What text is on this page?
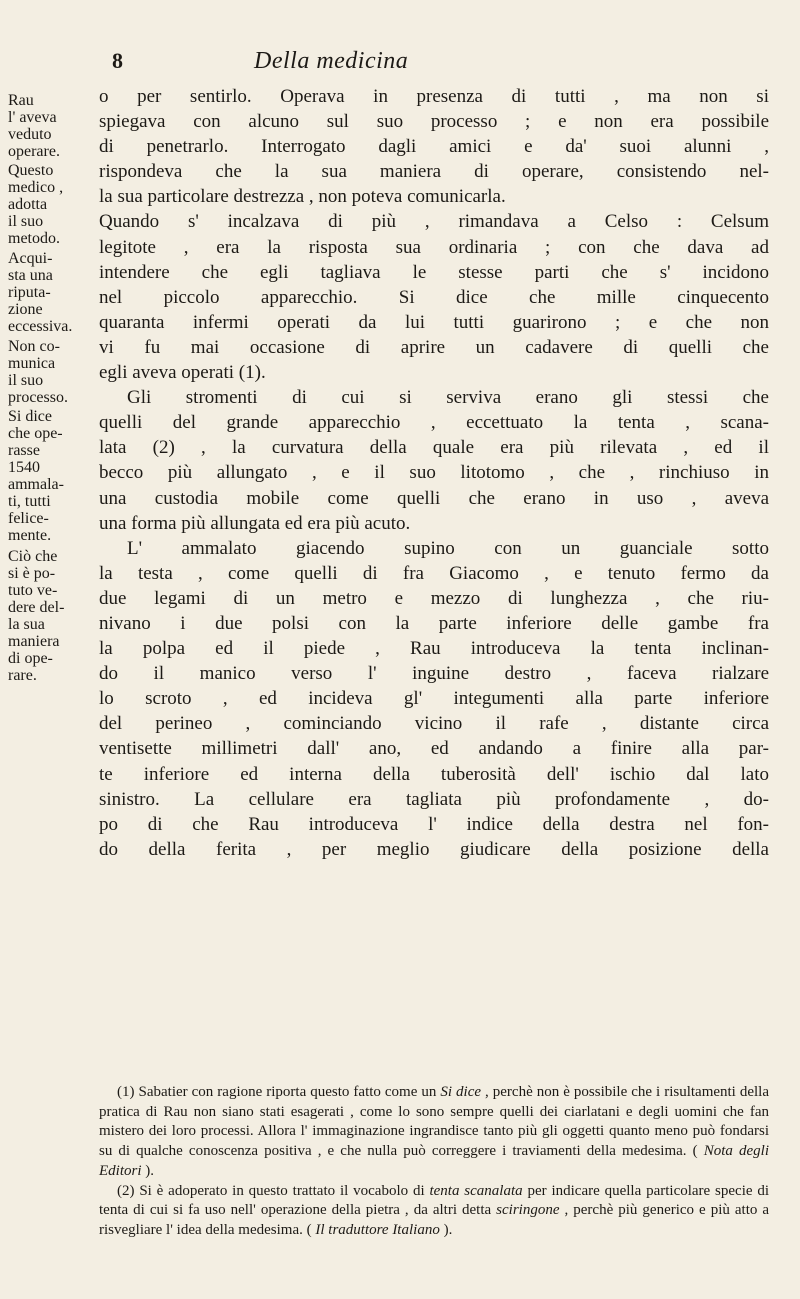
8	Della medicina
Rau
l' aveva
veduto
operare.
Questo
medico ,
adotta
il suo
metodo.
Acqui-
sta una
riputa-
zione
eccessiva.
Non co-
munica
il suo
processo.
Si dice
che ope-
rasse
1540
ammala-
ti, tutti
felice-
mente.
Ciò che
si è po-
tuto ve-
dere del-
la sua
maniera
di ope-
rare.
o per sentirlo. Operava in presenza di tutti , ma non si
spiegava con alcuno sul suo processo ; e non era possibile
di penetrarlo. Interrogato dagli amici e da' suoi alunni ,
rispondeva che la sua maniera di operare, consistendo nel-
la sua particolare destrezza , non poteva comunicarla.
Quando s' incalzava di più , rimandava a Celso : Celsum
legitote , era la risposta sua ordinaria ; con che dava ad
intendere che egli tagliava le stesse parti che s' incidono
nel piccolo apparecchio. Si dice che mille cinquecento
quaranta infermi operati da lui tutti guarirono ; e che non
vi fu mai occasione di aprire un cadavere di quelli che
egli aveva operati (1).
Gli stromenti di cui si serviva erano gli stessi che
quelli del grande apparecchio , eccettuato la tenta , scana-
lata (2) , la curvatura della quale era più rilevata , ed il
becco più allungato , e il suo litotomo , che , rinchiuso in
una custodia mobile come quelli che erano in uso , aveva
una forma più allungata ed era più acuto.
L' ammalato giacendo supino con un guanciale sotto
la testa , come quelli di fra Giacomo , e tenuto fermo da
due legami di un metro e mezzo di lunghezza , che riu-
nivano i due polsi con la parte inferiore delle gambe fra
la polpa ed il piede , Rau introduceva la tenta inclinan-
do il manico verso l' inguine destro , faceva rialzare
lo scroto , ed incideva gl' integumenti alla parte inferiore
del perineo , cominciando vicino il rafe , distante circa
ventisette millimetri dall' ano, ed andando a finire alla par-
te inferiore ed interna della tuberosità dell' ischio dal lato
sinistro. La cellulare era tagliata più profondamente , do-
po di che Rau introduceva l' indice della destra nel fon-
do della ferita , per meglio giudicare della posizione della

(1) Sabatier con ragione riporta questo fatto come un Si dice , perchè non è possibile che i risultamenti della pratica di Rau non siano stati esagerati , come lo sono sempre quelli dei ciarlatani e degli uomini che fan mistero dei loro processi. Allora l' immaginazione ingrandisce tanto più gli oggetti quanto meno può fondarsi su di qualche conoscenza positiva , e che nulla può correggere i traviamenti della medesima. ( Nota degli Editori ).

(2) Si è adoperato in questo trattato il vocabolo di tenta scanalata per indicare quella particolare specie di tenta di cui si fa uso nell' operazione della pietra , da altri detta sciringone , perchè più generico e più atto a risvegliare l' idea della medesima. ( Il traduttore Italiano ).
